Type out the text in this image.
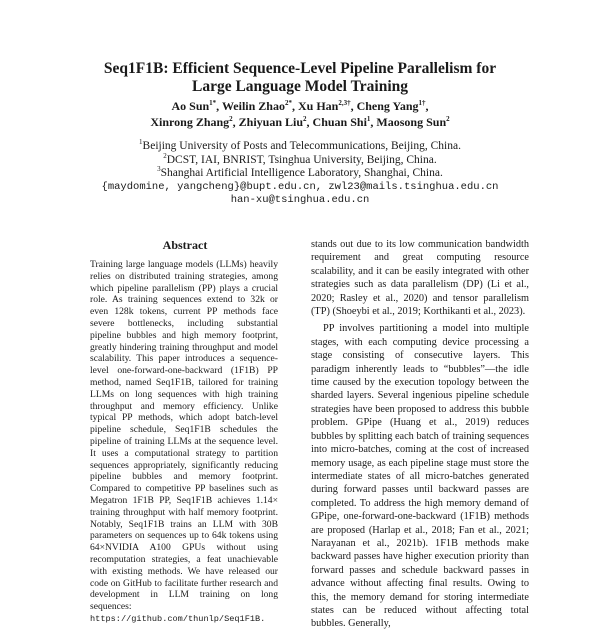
Seq1F1B: Efficient Sequence-Level Pipeline Parallelism for
Large Language Model Training
Ao Sun$^{1*}$, Weilin Zhao$^{2*}$, Xu Han$^{2,3\dagger}$, Cheng Yang$^{1\dagger}$,
Xinrong Zhang$^2$, Zhiyuan Liu$^2$, Chuan Shi$^1$, Maosong Sun$^2$
$^1$Beijing University of Posts and Telecommunications, Beijing, China.
$^2$DCST, IAI, BNRIST, Tsinghua University, Beijing, China.
$^3$Shanghai Artificial Intelligence Laboratory, Shanghai, China.
{maydomine, yangcheng}@bupt.edu.cn, zwl23@mails.tsinghua.edu.cn
han-xu@tsinghua.edu.cn
Abstract
Training large language models (LLMs) heavily relies on distributed training strategies, among which pipeline parallelism (PP) plays a crucial role. As training sequences extend to 32k or even 128k tokens, current PP methods face severe bottlenecks, including substantial pipeline bubbles and high memory footprint, greatly hindering training throughput and model scalability. This paper introduces a sequence-level one-forward-one-backward (1F1B) PP method, named Seq1F1B, tailored for training LLMs on long sequences with high training throughput and memory efficiency. Unlike typical PP methods, which adopt batch-level pipeline schedule, Seq1F1B schedules the pipeline of training LLMs at the sequence level. It uses a computational strategy to partition sequences appropriately, significantly reducing pipeline bubbles and memory footprint. Compared to competitive PP baselines such as Megatron 1F1B PP, Seq1F1B achieves 1.14× training throughput with half memory footprint. Notably, Seq1F1B trains an LLM with 30B parameters on sequences up to 64k tokens using 64×NVIDIA A100 GPUs without using recomputation strategies, a feat unachievable with existing methods. We have released our code on GitHub to facilitate further research and development in LLM training on long sequences: https://github.com/thunlp/Seq1F1B.

stands out due to its low communication bandwidth requirement and great computing resource scalability, and it can be easily integrated with other strategies such as data parallelism (DP) (Li et al., 2020; Rasley et al., 2020) and tensor parallelism (TP) (Shoeybi et al., 2019; Korthikanti et al., 2023).

PP involves partitioning a model into multiple stages, with each computing device processing a stage consisting of consecutive layers. This paradigm inherently leads to “bubbles”—the idle time caused by the execution topology between the sharded layers. Several ingenious pipeline schedule strategies have been proposed to address this bubble problem. GPipe (Huang et al., 2019) reduces bubbles by splitting each batch of training sequences into micro-batches, coming at the cost of increased memory usage, as each pipeline stage must store the intermediate states of all micro-batches generated during forward passes until backward passes are completed. To address the high memory demand of GPipe, one-forward-one-backward (1F1B) methods are proposed (Harlap et al., 2018; Fan et al., 2021; Narayanan et al., 2021b). 1F1B methods make backward passes have higher execution priority than forward passes and schedule backward passes in advance without affecting final results. Owing to this, the memory demand for storing intermediate states can be reduced without affecting total bubbles. Generally,
